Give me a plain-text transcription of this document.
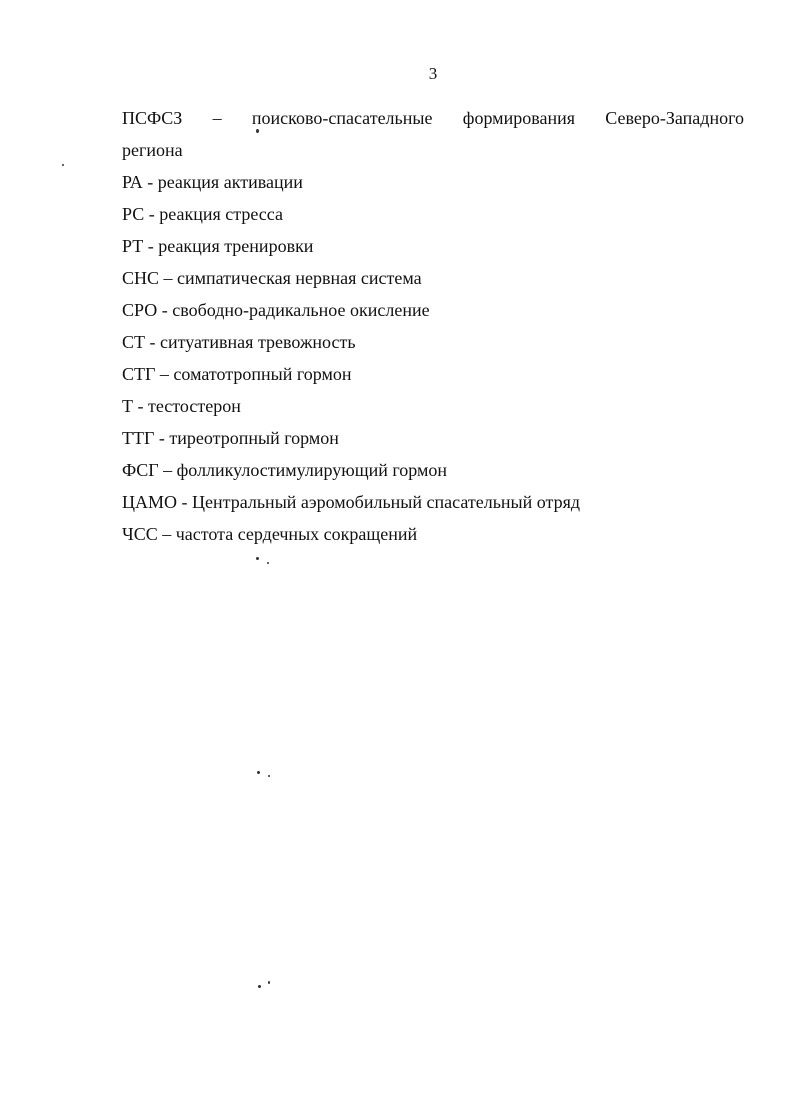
3
ПСФСЗ – поисково-спасательные формирования Северо-Западного
региона
РА - реакция активации
РС - реакция стресса
РТ - реакция тренировки
СНС – симпатическая нервная система
СРО - свободно-радикальное окисление
СТ - ситуативная тревожность
СТГ – соматотропный гормон
Т - тестостерон
ТТГ - тиреотропный гормон
ФСГ – фолликулостимулирующий гормон
ЦАМО - Центральный аэромобильный спасательный отряд
ЧСС – частота сердечных сокращений
